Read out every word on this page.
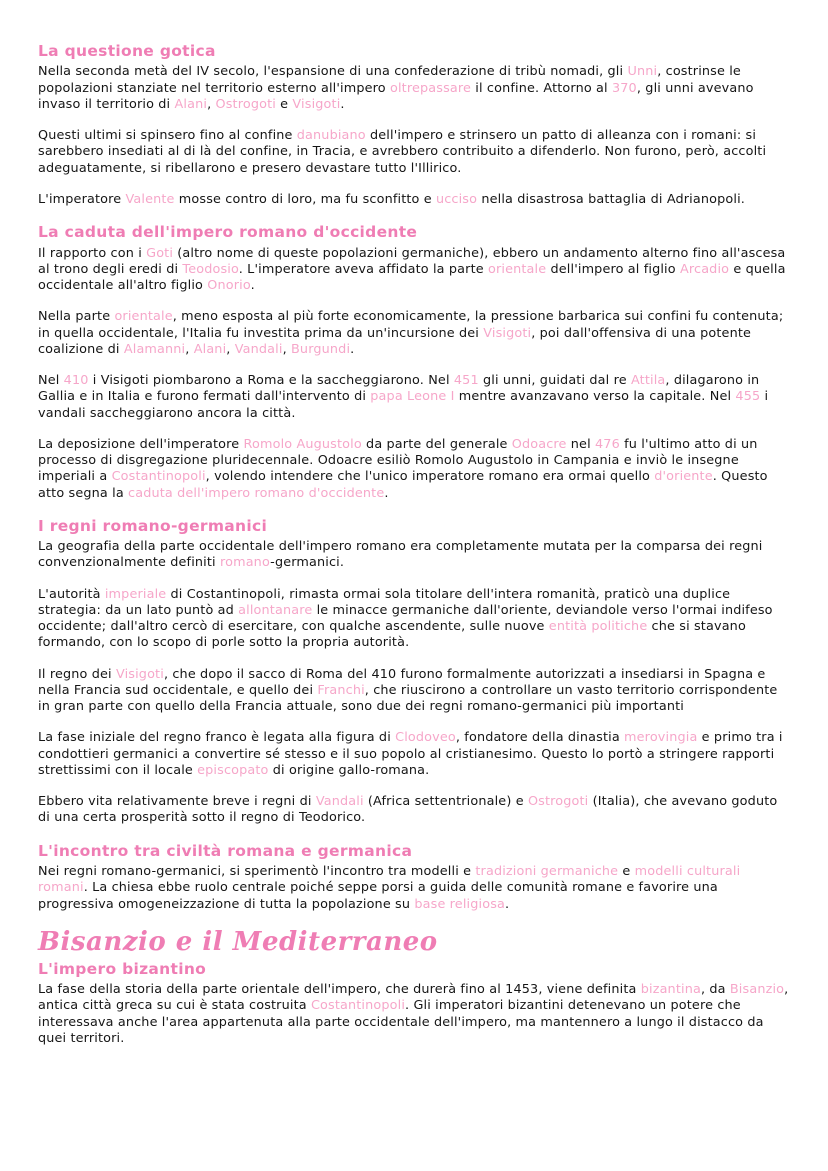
La questione gotica

Nella seconda metà del IV secolo, l'espansione di una confederazione di tribù nomadi, gli Unni, costrinse le popolazioni stanziate nel territorio esterno all'impero oltrepassare il confine. Attorno al 370, gli unni avevano invaso il territorio di Alani, Ostrogoti e Visigoti.

Questi ultimi si spinsero fino al confine danubiano dell'impero e strinsero un patto di alleanza con i romani: si sarebbero insediati al di là del confine, in Tracia, e avrebbero contribuito a difenderlo. Non furono, però, accolti adeguatamente, si ribellarono e presero devastare tutto l'Illirico.

L'imperatore Valente mosse contro di loro, ma fu sconfitto e ucciso nella disastrosa battaglia di Adrianopoli.

La caduta dell'impero romano d'occidente

Il rapporto con i Goti (altro nome di queste popolazioni germaniche), ebbero un andamento alterno fino all'ascesa al trono degli eredi di Teodosio. L'imperatore aveva affidato la parte orientale dell'impero al figlio Arcadio e quella occidentale all'altro figlio Onorio.

Nella parte orientale, meno esposta al più forte economicamente, la pressione barbarica sui confini fu contenuta; in quella occidentale, l'Italia fu investita prima da un'incursione dei Visigoti, poi dall'offensiva di una potente coalizione di Alamanni, Alani, Vandali, Burgundi.

Nel 410 i Visigoti piombarono a Roma e la saccheggiarono. Nel 451 gli unni, guidati dal re Attila, dilagarono in Gallia e in Italia e furono fermati dall'intervento di papa Leone I mentre avanzavano verso la capitale. Nel 455 i vandali saccheggiarono ancora la città.

La deposizione dell'imperatore Romolo Augustolo da parte del generale Odoacre nel 476 fu l'ultimo atto di un processo di disgregazione pluridecennale. Odoacre esiliò Romolo Augustolo in Campania e inviò le insegne imperiali a Costantinopoli, volendo intendere che l'unico imperatore romano era ormai quello d'oriente. Questo atto segna la caduta dell'impero romano d'occidente.

I regni romano-germanici

La geografia della parte occidentale dell'impero romano era completamente mutata per la comparsa dei regni convenzionalmente definiti romano-germanici.

L'autorità imperiale di Costantinopoli, rimasta ormai sola titolare dell'intera romanità, praticò una duplice strategia: da un lato puntò ad allontanare le minacce germaniche dall'oriente, deviandole verso l'ormai indifeso occidente; dall'altro cercò di esercitare, con qualche ascendente, sulle nuove entità politiche che si stavano formando, con lo scopo di porle sotto la propria autorità.

Il regno dei Visigoti, che dopo il sacco di Roma del 410 furono formalmente autorizzati a insediarsi in Spagna e nella Francia sud occidentale, e quello dei Franchi, che riuscirono a controllare un vasto territorio corrispondente in gran parte con quello della Francia attuale, sono due dei regni romano-germanici più importanti

La fase iniziale del regno franco è legata alla figura di Clodoveo, fondatore della dinastia merovingia e primo tra i condottieri germanici a convertire sé stesso e il suo popolo al cristianesimo. Questo lo portò a stringere rapporti strettissimi con il locale episcopato di origine gallo-romana.

Ebbero vita relativamente breve i regni di Vandali (Africa settentrionale) e Ostrogoti (Italia), che avevano goduto di una certa prosperità sotto il regno di Teodorico.

L'incontro tra civiltà romana e germanica

Nei regni romano-germanici, si sperimentò l'incontro tra modelli e tradizioni germaniche e modelli culturali romani. La chiesa ebbe ruolo centrale poiché seppe porsi a guida delle comunità romane e favorire una progressiva omogeneizzazione di tutta la popolazione su base religiosa.

Bisanzio e il Mediterraneo
L'impero bizantino

La fase della storia della parte orientale dell'impero, che durerà fino al 1453, viene definita bizantina, da Bisanzio, antica città greca su cui è stata costruita Costantinopoli. Gli imperatori bizantini detenevano un potere che interessava anche l'area appartenuta alla parte occidentale dell'impero, ma mantennero a lungo il distacco da quei territori.
